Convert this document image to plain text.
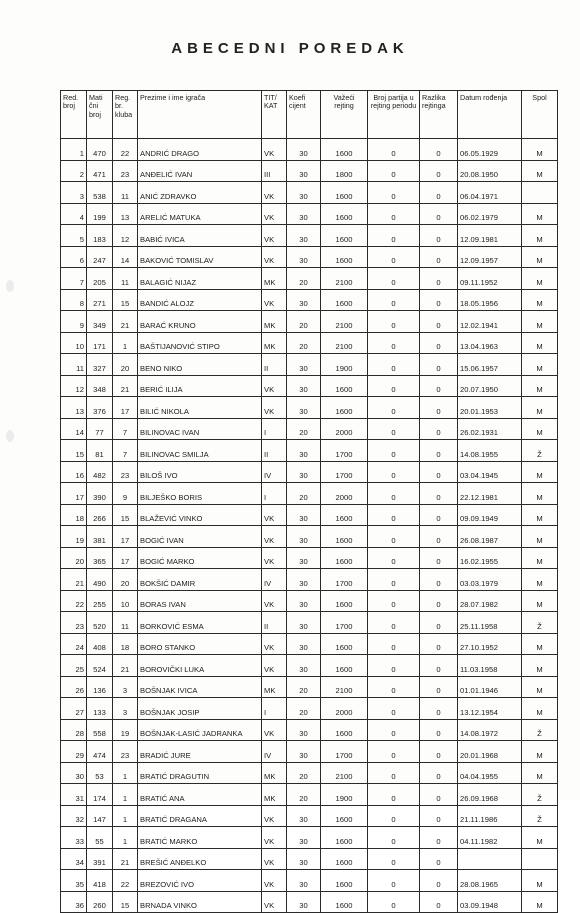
ABECEDNI POREDAK
Red. broj	Mati čni broj	Reg. br. kluba	Prezime i ime igrača	TIT/ KAT	Koefi cijent	Važeći rejting	Broj partija u rejting periodu	Razlika rejtinga	Datum rođenja	Spol
1	470	22	ANDRIĆ DRAGO	VK	30	1600	0	0	06.05.1929	M
2	471	23	ANĐELIĆ IVAN	III	30	1800	0	0	20.08.1950	M
3	538	11	ANIĆ ZDRAVKO	VK	30	1600	0	0	06.04.1971	
4	199	13	ARELIĆ MATUKA	VK	30	1600	0	0	06.02.1979	M
5	183	12	BABIĆ IVICA	VK	30	1600	0	0	12.09.1981	M
6	247	14	BAKOVIĆ TOMISLAV	VK	30	1600	0	0	12.09.1957	M
7	205	11	BALAGIĆ NIJAZ	MK	20	2100	0	0	09.11.1952	M
8	271	15	BANDIĆ ALOJZ	VK	30	1600	0	0	18.05.1956	M
9	349	21	BARAĆ KRUNO	MK	20	2100	0	0	12.02.1941	M
10	171	1	BAŠTIJANOVIĆ STIPO	MK	20	2100	0	0	13.04.1963	M
11	327	20	BENO NIKO	II	30	1900	0	0	15.06.1957	M
12	348	21	BERIĆ ILIJA	VK	30	1600	0	0	20.07.1950	M
13	376	17	BILIĆ NIKOLA	VK	30	1600	0	0	20.01.1953	M
14	77	7	BILINOVAC IVAN	I	20	2000	0	0	26.02.1931	M
15	81	7	BILINOVAC SMILJA	II	30	1700	0	0	14.08.1955	Ž
16	482	23	BILOŠ IVO	IV	30	1700	0	0	03.04.1945	M
17	390	9	BILJEŠKO BORIS	I	20	2000	0	0	22.12.1981	M
18	266	15	BLAŽEVIĆ VINKO	VK	30	1600	0	0	09.09.1949	M
19	381	17	BOGIĆ IVAN	VK	30	1600	0	0	26.08.1987	M
20	365	17	BOGIĆ MARKO	VK	30	1600	0	0	16.02.1955	M
21	490	20	BOKŠIĆ DAMIR	IV	30	1700	0	0	03.03.1979	M
22	255	10	BORAS IVAN	VK	30	1600	0	0	28.07.1982	M
23	520	11	BORKOVIĆ ESMA	II	30	1700	0	0	25.11.1958	Ž
24	408	18	BORO STANKO	VK	30	1600	0	0	27.10.1952	M
25	524	21	BOROVIČKI LUKA	VK	30	1600	0	0	11.03.1958	M
26	136	3	BOŠNJAK IVICA	MK	20	2100	0	0	01.01.1946	M
27	133	3	BOŠNJAK JOSIP	I	20	2000	0	0	13.12.1954	M
28	558	19	BOŠNJAK-LASIĆ JADRANKA	VK	30	1600	0	0	14.08.1972	Ž
29	474	23	BRADIĆ JURE	IV	30	1700	0	0	20.01.1968	M
30	53	1	BRATIĆ DRAGUTIN	MK	20	2100	0	0	04.04.1955	M
31	174	1	BRATIĆ ANA	MK	20	1900	0	0	26.09.1968	Ž
32	147	1	BRATIĆ DRAGANA	VK	30	1600	0	0	21.11.1986	Ž
33	55	1	BRATIĆ MARKO	VK	30	1600	0	0	04.11.1982	M
34	391	21	BREŠIĆ ANĐELKO	VK	30	1600	0	0		
35	418	22	BREZOVIĆ IVO	VK	30	1600	0	0	28.08.1965	M
36	260	15	BRNADA VINKO	VK	30	1600	0	0	03.09.1948	M
